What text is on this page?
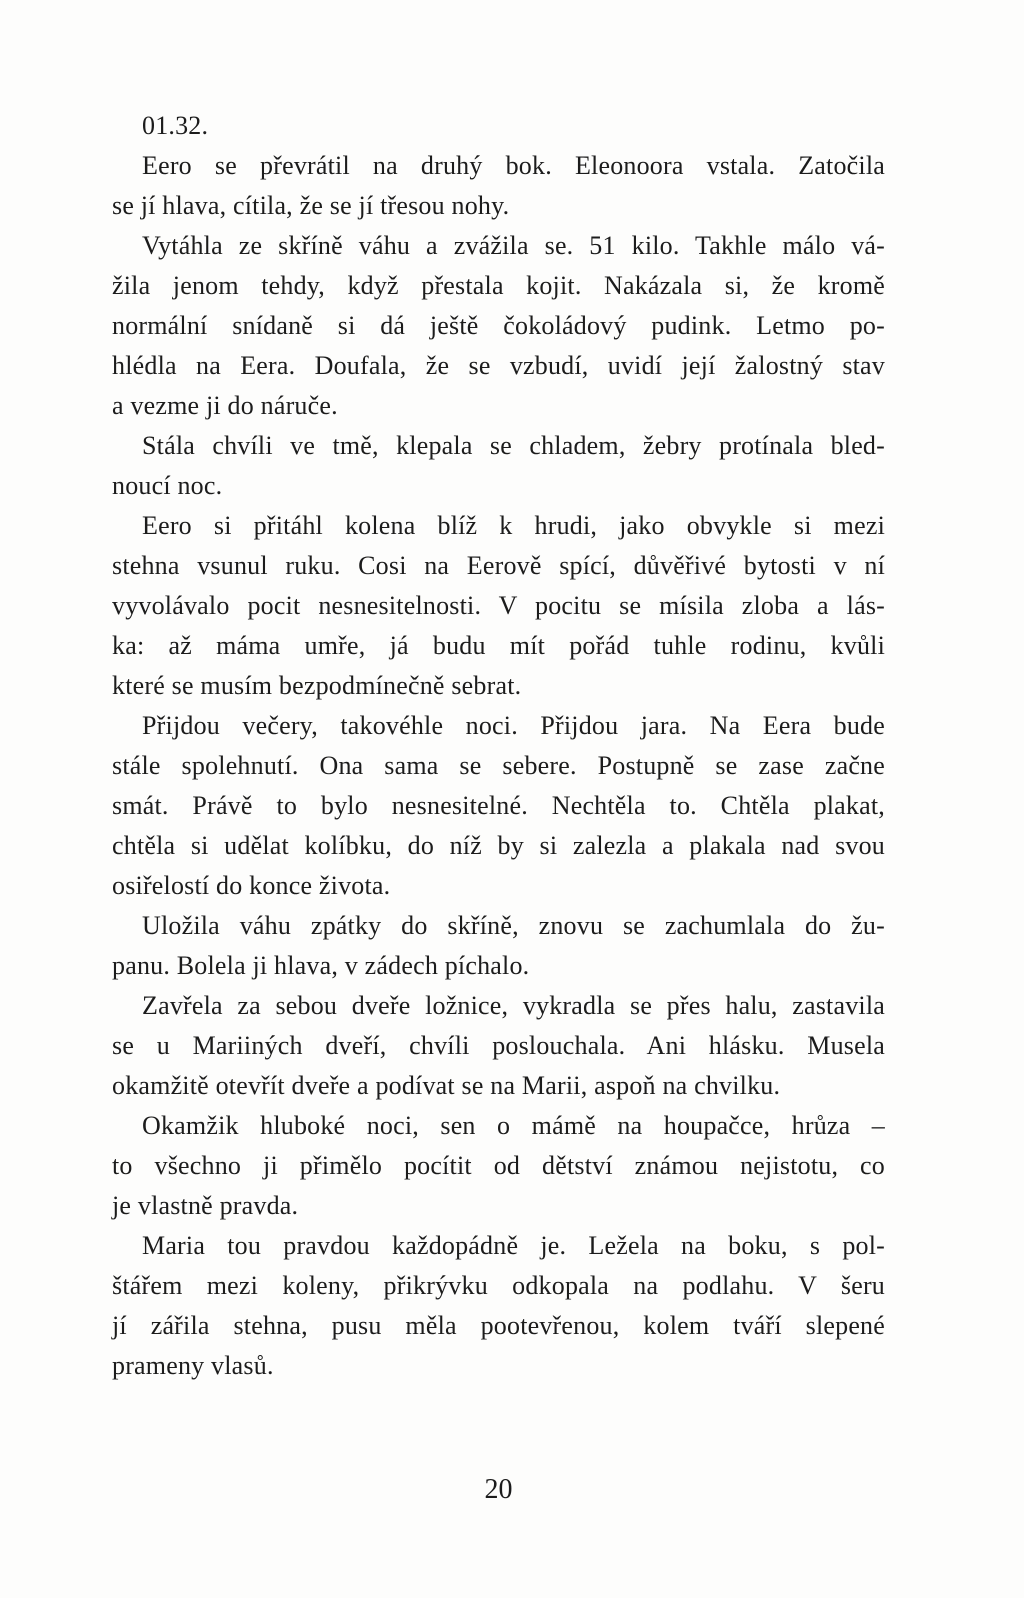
01.32.
Eero se převrátil na druhý bok. Eleonoora vstala. Zatočila
se jí hlava, cítila, že se jí třesou nohy.
Vytáhla ze skříně váhu a zvážila se. 51 kilo. Takhle málo vá-
žila jenom tehdy, když přestala kojit. Nakázala si, že kromě
normální snídaně si dá ještě čokoládový pudink. Letmo po-
hlédla na Eera. Doufala, že se vzbudí, uvidí její žalostný stav
a vezme ji do náruče.
Stála chvíli ve tmě, klepala se chladem, žebry protínala bled-
noucí noc.
Eero si přitáhl kolena blíž k hrudi, jako obvykle si mezi
stehna vsunul ruku. Cosi na Eerově spící, důvěřivé bytosti v ní
vyvolávalo pocit nesnesitelnosti. V pocitu se mísila zloba a lás-
ka: až máma umře, já budu mít pořád tuhle rodinu, kvůli
které se musím bezpodmínečně sebrat.
Přijdou večery, takovéhle noci. Přijdou jara. Na Eera bude
stále spolehnutí. Ona sama se sebere. Postupně se zase začne
smát. Právě to bylo nesnesitelné. Nechtěla to. Chtěla plakat,
chtěla si udělat kolíbku, do níž by si zalezla a plakala nad svou
osiřelostí do konce života.
Uložila váhu zpátky do skříně, znovu se zachumlala do žu-
panu. Bolela ji hlava, v zádech píchalo.
Zavřela za sebou dveře ložnice, vykradla se přes halu, zastavila
se u Mariiných dveří, chvíli poslouchala. Ani hlásku. Musela
okamžitě otevřít dveře a podívat se na Marii, aspoň na chvilku.
Okamžik hluboké noci, sen o mámě na houpačce, hrůza –
to všechno ji přimělo pocítit od dětství známou nejistotu, co
je vlastně pravda.
Maria tou pravdou každopádně je. Ležela na boku, s pol-
štářem mezi koleny, přikrývku odkopala na podlahu. V šeru
jí zářila stehna, pusu měla pootevřenou, kolem tváří slepené
prameny vlasů.
20
